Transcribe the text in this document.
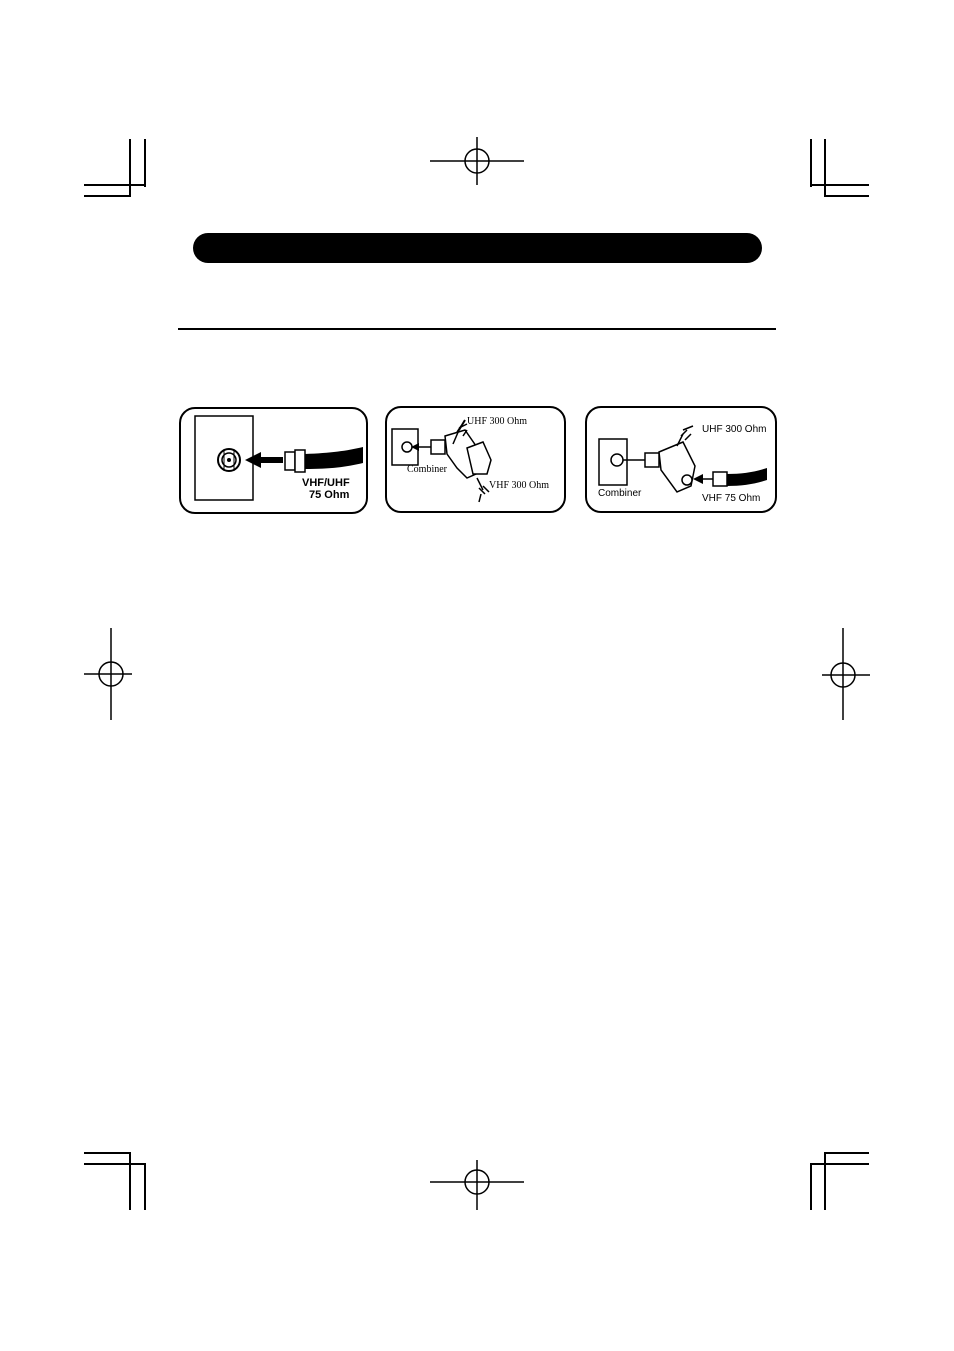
VHF/UHF
75 Ohm
UHF 300 Ohm
Combiner
VHF 300 Ohm
UHF 300 Ohm
Combiner	VHF 75 Ohm
